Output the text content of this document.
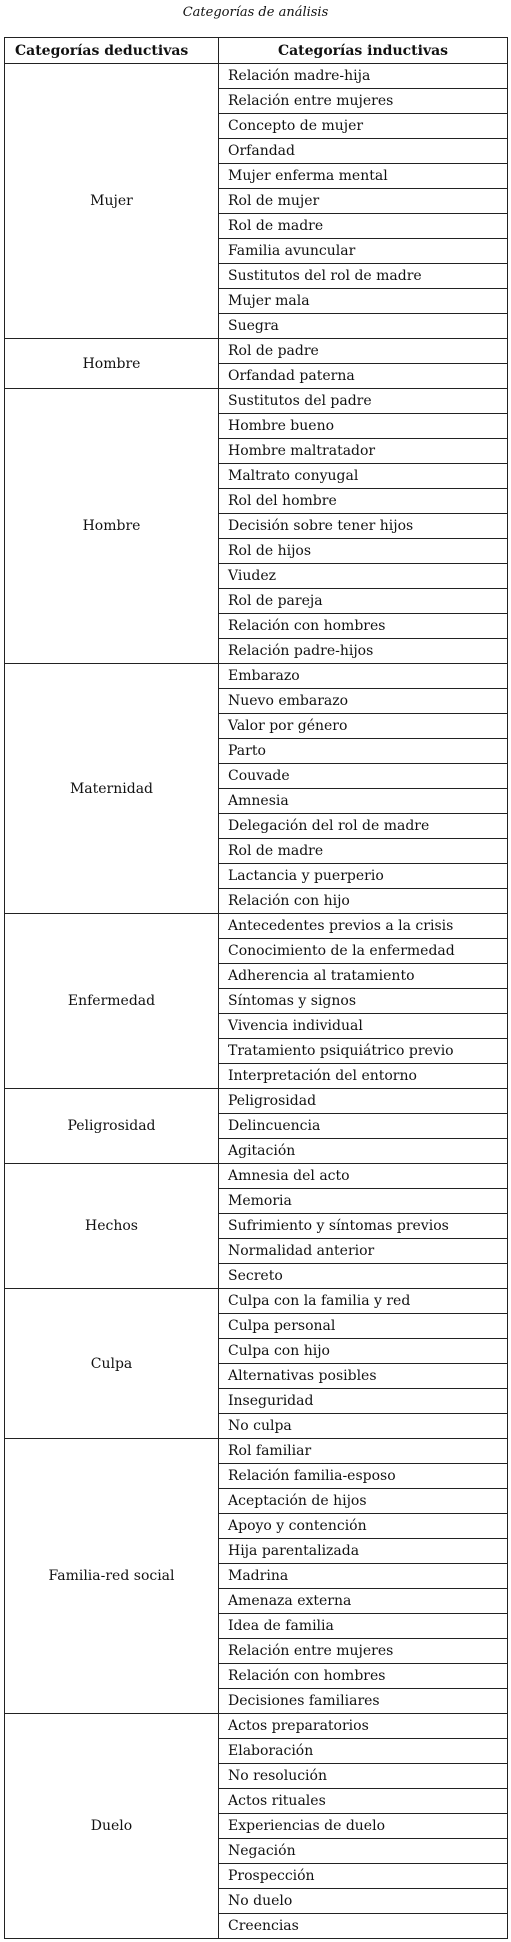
Categorías de análisis
Categorías deductivas	Categorías inductivas
Mujer	Relación madre-hija
	Relación entre mujeres
	Concepto de mujer
	Orfandad
	Mujer enferma mental
	Rol de mujer
	Rol de madre
	Familia avuncular
	Sustitutos del rol de madre
	Mujer mala
	Suegra
Hombre	Rol de padre
	Orfandad paterna
Hombre	Sustitutos del padre
	Hombre bueno
	Hombre maltratador
	Maltrato conyugal
	Rol del hombre
	Decisión sobre tener hijos
	Rol de hijos
	Viudez
	Rol de pareja
	Relación con hombres
	Relación padre-hijos
Maternidad	Embarazo
	Nuevo embarazo
	Valor por género
	Parto
	Couvade
	Amnesia
	Delegación del rol de madre
	Rol de madre
	Lactancia y puerperio
	Relación con hijo
Enfermedad	Antecedentes previos a la crisis
	Conocimiento de la enfermedad
	Adherencia al tratamiento
	Síntomas y signos
	Vivencia individual
	Tratamiento psiquiátrico previo
	Interpretación del entorno
Peligrosidad	Peligrosidad
	Delincuencia
	Agitación
Hechos	Amnesia del acto
	Memoria
	Sufrimiento y síntomas previos
	Normalidad anterior
	Secreto
Culpa	Culpa con la familia y red
	Culpa personal
	Culpa con hijo
	Alternativas posibles
	Inseguridad
	No culpa
Familia-red social	Rol familiar
	Relación familia-esposo
	Aceptación de hijos
	Apoyo y contención
	Hija parentalizada
	Madrina
	Amenaza externa
	Idea de familia
	Relación entre mujeres
	Relación con hombres
	Decisiones familiares
Duelo	Actos preparatorios
	Elaboración
	No resolución
	Actos rituales
	Experiencias de duelo
	Negación
	Prospección
	No duelo
	Creencias
